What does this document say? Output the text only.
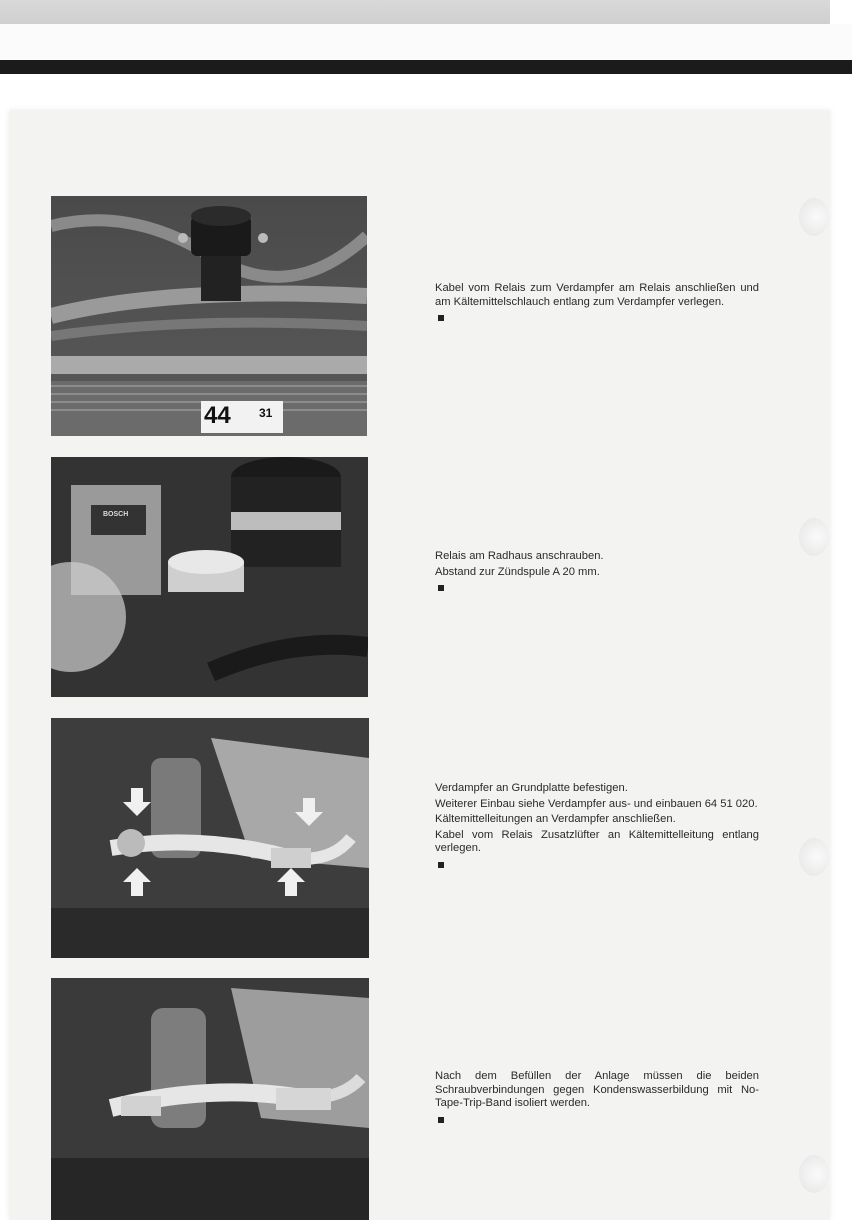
44 31

Kabel vom Relais zum Verdampfer am Relais anschließen und am Kältemittelschlauch entlang zum Verdampfer verlegen.

BOSCH

Relais am Radhaus anschrauben.

Abstand zur Zündspule A 20 mm.

Verdampfer an Grundplatte befestigen.

Weiterer Einbau siehe Verdampfer aus- und einbauen 64 51 020.

Kältemittelleitungen an Verdampfer anschließen.

Kabel vom Relais Zusatzlüfter an Kältemittelleitung entlang verlegen.

Nach dem Befüllen der Anlage müssen die beiden Schraubverbindungen gegen Kondenswasserbildung mit No-Tape-Trip-Band isoliert werden.
